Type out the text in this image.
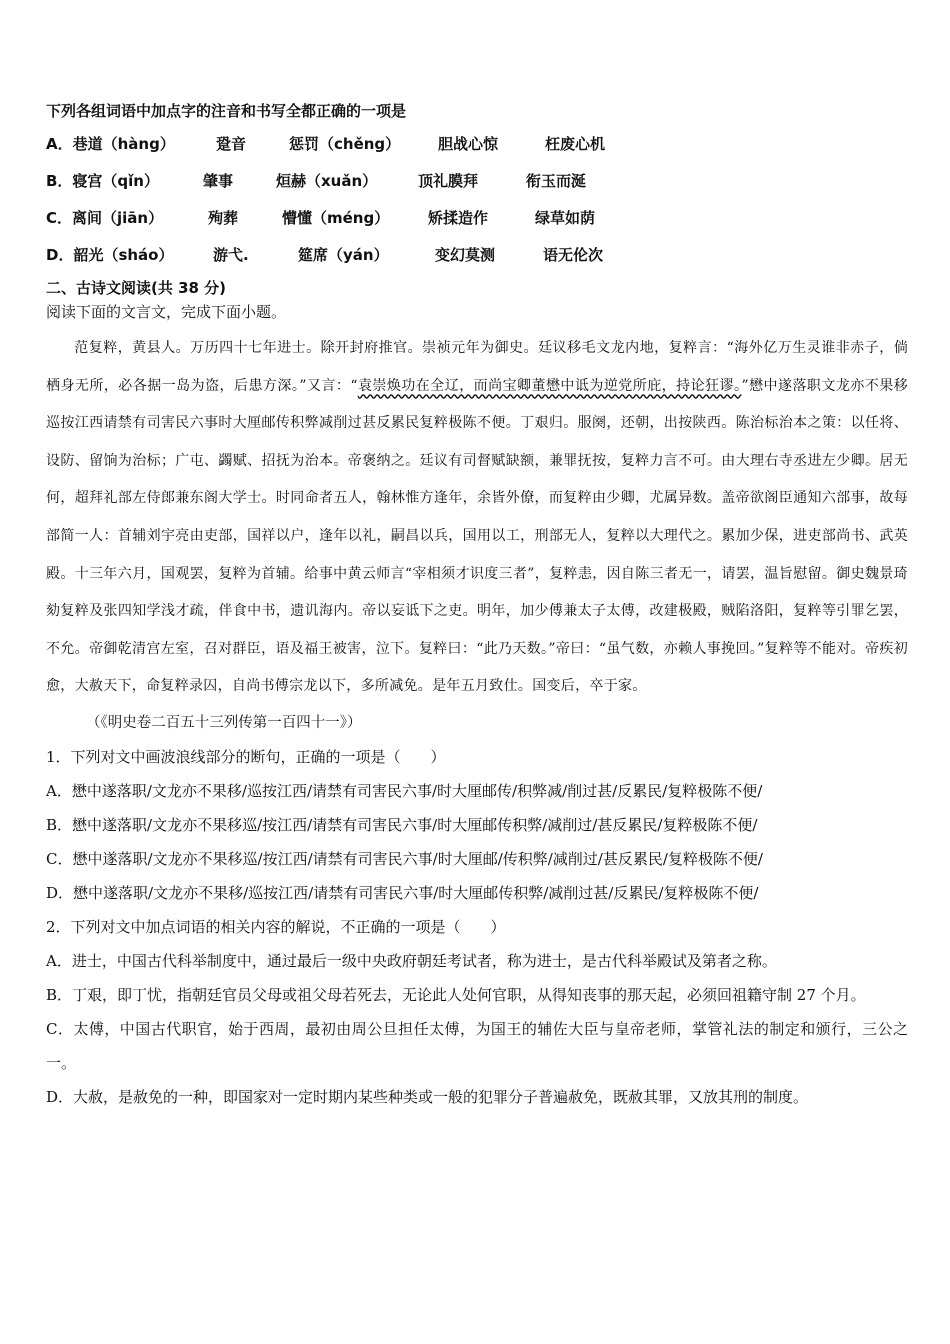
下列各组词语中加点字的注音和书写全都正确的一项是
A．巷道（hàng）	跫音	惩罚（chěng）	胆战心惊	枉废心机
B．寝宫（qǐn）	肇事	烜赫（xuǎn）	顶礼膜拜	衔玉而涎
C．离间（jiān）	殉葬	懵懂（méng）	矫揉造作	绿草如荫
D．韶光（sháo）	游弋.	筵席（yán）	变幻莫测	语无伦次
二、古诗文阅读(共 38 分)
阅读下面的文言文，完成下面小题。
范复粹，黄县人。万历四十七年进士。除开封府推官。崇祯元年为御史。廷议移毛文龙内地，复粹言：“海外亿万生灵谁非赤子，倘栖身无所，必各据一岛为盗，后患方深。”又言：“袁崇焕功在全辽，而尚宝卿董懋中诋为逆党所庇，持论狂谬。”懋中遂落职文龙亦不果移巡按江西请禁有司害民六事时大厘邮传积弊减削过甚反累民复粹极陈不便。丁艰归。服阕，还朝，出按陕西。陈治标治本之策：以任将、设防、留饷为治标；广屯、蠲赋、招抚为治本。帝褒纳之。廷议有司督赋缺额，兼罪抚按，复粹力言不可。由大理右寺丞进左少卿。居无何，超拜礼部左侍郎兼东阁大学士。时同命者五人，翰林惟方逢年，余皆外僚，而复粹由少卿，尤属异数。盖帝欲阁臣通知六部事，故每部简一人：首辅刘宇亮由吏部，国祥以户，逢年以礼，嗣昌以兵，国用以工，刑部无人，复粹以大理代之。累加少保，进吏部尚书、武英殿。十三年六月，国观罢，复粹为首辅。给事中黄云师言“宰相须才识度三者”，复粹恚，因自陈三者无一，请罢，温旨慰留。御史魏景琦劾复粹及张四知学浅才疏，伴食中书，遗讥海内。帝以妄诋下之吏。明年，加少傅兼太子太傅，改建极殿，贼陷洛阳，复粹等引罪乞罢，不允。帝御乾清宫左室，召对群臣，语及福王被害，泣下。复粹曰：“此乃天数。”帝曰：“虽气数，亦赖人事挽回。”复粹等不能对。帝疾初愈，大赦天下，命复粹录囚，自尚书傅宗龙以下，多所减免。是年五月致仕。国变后，卒于家。
（《明史卷二百五十三列传第一百四十一》）
1．下列对文中画波浪线部分的断句，正确的一项是（　　）
A．懋中遂落职/文龙亦不果移/巡按江西/请禁有司害民六事/时大厘邮传/积弊减/削过甚/反累民/复粹极陈不便/
B．懋中遂落职/文龙亦不果移巡/按江西/请禁有司害民六事/时大厘邮传积弊/减削过/甚反累民/复粹极陈不便/
C．懋中遂落职/文龙亦不果移巡/按江西/请禁有司害民六事/时大厘邮/传积弊/减削过/甚反累民/复粹极陈不便/
D．懋中遂落职/文龙亦不果移/巡按江西/请禁有司害民六事/时大厘邮传积弊/减削过甚/反累民/复粹极陈不便/
2．下列对文中加点词语的相关内容的解说，不正确的一项是（　　）
A．进士，中国古代科举制度中，通过最后一级中央政府朝廷考试者，称为进士，是古代科举殿试及第者之称。
B．丁艰，即丁忧，指朝廷官员父母或祖父母若死去，无论此人处何官职，从得知丧事的那天起，必须回祖籍守制 27 个月。
C．太傅，中国古代职官，始于西周，最初由周公旦担任太傅，为国王的辅佐大臣与皇帝老师，掌管礼法的制定和颁行，三公之一。
D．大赦，是赦免的一种，即国家对一定时期内某些种类或一般的犯罪分子普遍赦免，既赦其罪，又放其刑的制度。
